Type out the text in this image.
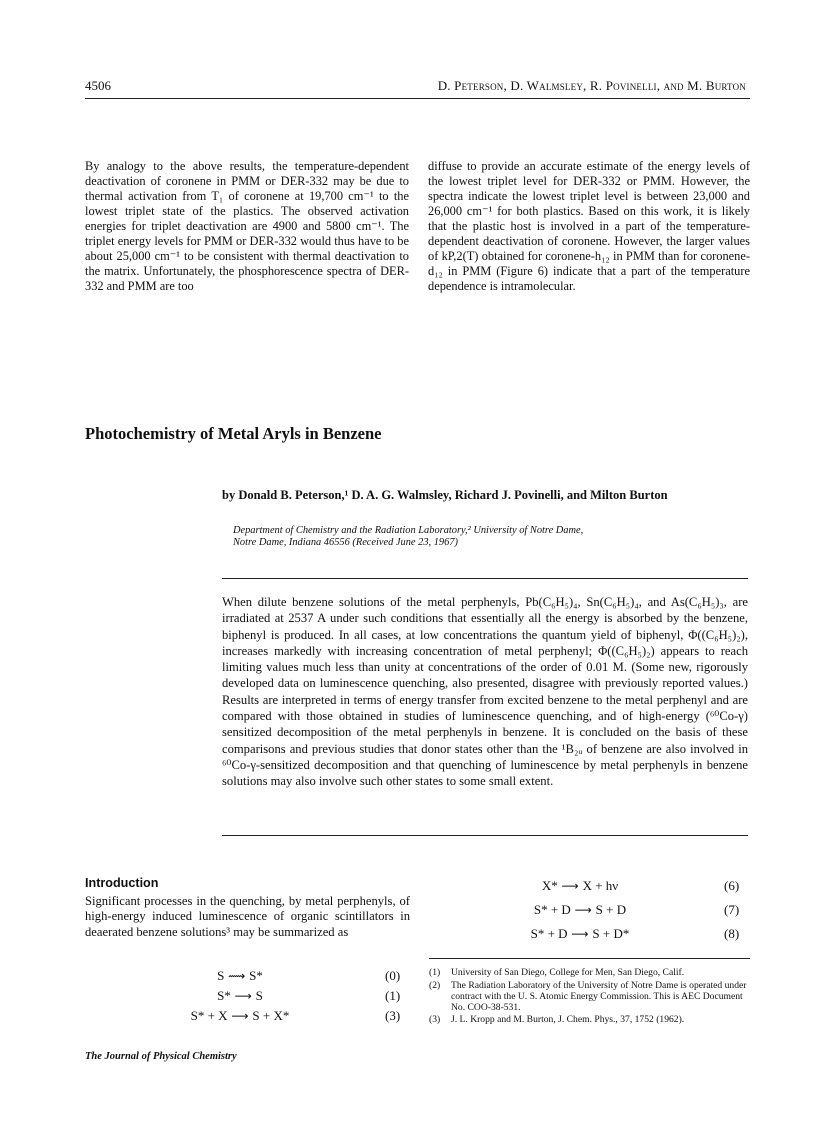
4506	D. Peterson, D. Walmsley, R. Povinelli, and M. Burton

By analogy to the above results, the temperature-dependent deactivation of coronene in PMM or DER-332 may be due to thermal activation from T₁ of coronene at 19,700 cm⁻¹ to the lowest triplet state of the plastics. The observed activation energies for triplet deactivation are 4900 and 5800 cm⁻¹. The triplet energy levels for PMM or DER-332 would thus have to be about 25,000 cm⁻¹ to be consistent with thermal deactivation to the matrix. Unfortunately, the phosphorescence spectra of DER-332 and PMM are too

diffuse to provide an accurate estimate of the energy levels of the lowest triplet level for DER-332 or PMM. However, the spectra indicate the lowest triplet level is between 23,000 and 26,000 cm⁻¹ for both plastics. Based on this work, it is likely that the plastic host is involved in a part of the temperature-dependent deactivation of coronene. However, the larger values of kP,2(T) obtained for coronene-h₁₂ in PMM than for coronene-d₁₂ in PMM (Figure 6) indicate that a part of the temperature dependence is intramolecular.

Photochemistry of Metal Aryls in Benzene
by Donald B. Peterson,¹ D. A. G. Walmsley, Richard J. Povinelli, and Milton Burton
Department of Chemistry and the Radiation Laboratory,² University of Notre Dame,
Notre Dame, Indiana 46556 (Received June 23, 1967)

When dilute benzene solutions of the metal perphenyls, Pb(C₆H₅)₄, Sn(C₆H₅)₄, and As(C₆H₅)₃, are irradiated at 2537 A under such conditions that essentially all the energy is absorbed by the benzene, biphenyl is produced. In all cases, at low concentrations the quantum yield of biphenyl, Φ((C₆H₅)₂), increases markedly with increasing concentration of metal perphenyl; Φ((C₆H₅)₂) appears to reach limiting values much less than unity at concentrations of the order of 0.01 M. (Some new, rigorously developed data on luminescence quenching, also presented, disagree with previously reported values.) Results are interpreted in terms of energy transfer from excited benzene to the metal perphenyl and are compared with those obtained in studies of luminescence quenching, and of high-energy (⁶⁰Co-γ) sensitized decomposition of the metal perphenyls in benzene. It is concluded on the basis of these comparisons and previous studies that donor states other than the ¹B₂ᵤ of benzene are also involved in ⁶⁰Co-γ-sensitized decomposition and that quenching of luminescence by metal perphenyls in benzene solutions may also involve such other states to some small extent.

Introduction
Significant processes in the quenching, by metal perphenyls, of high-energy induced luminescence of organic scintillators in deaerated benzene solutions³ may be summarized as
S ⟿ S*	(0)
S* ⟶ S	(1)
S* + X ⟶ S + X*	(3)
X* ⟶ X + hν	(6)
S* + D ⟶ S + D	(7)
S* + D ⟶ S + D*	(8)
(1) University of San Diego, College for Men, San Diego, Calif.
(2) The Radiation Laboratory of the University of Notre Dame is operated under contract with the U. S. Atomic Energy Commission. This is AEC Document No. COO-38-531.
(3) J. L. Kropp and M. Burton, J. Chem. Phys., 37, 1752 (1962).
The Journal of Physical Chemistry
